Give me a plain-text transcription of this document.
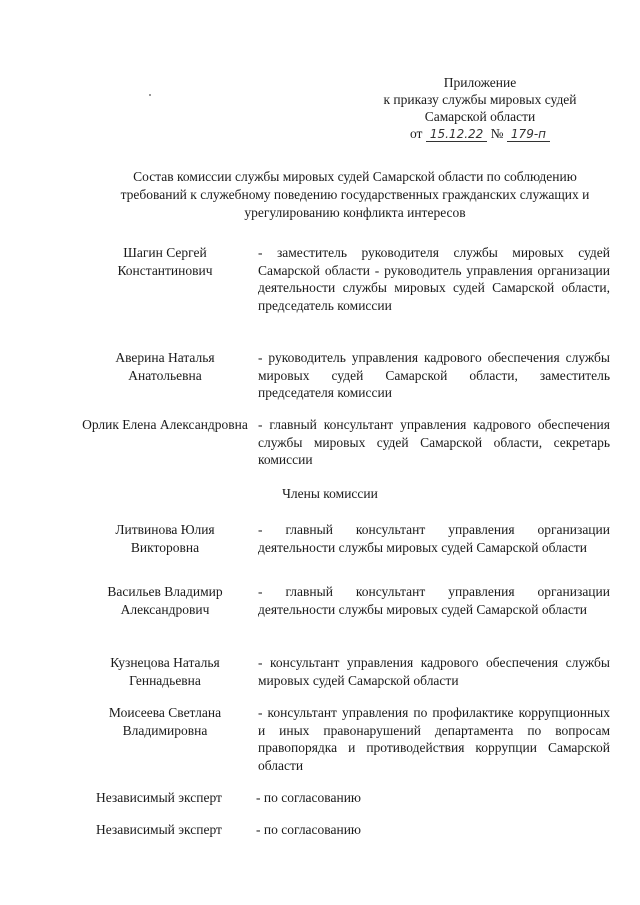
Приложение
к приказу службы мировых судей
Самарской области
от 15.12.22 № 179-п
Состав комиссии службы мировых судей Самарской области по соблюдению требований к служебному поведению государственных гражданских служащих и урегулированию конфликта интересов
Шагин Сергей Константинович
- заместитель руководителя службы мировых судей Самарской области - руководитель управления организации деятельности службы мировых судей Самарской области, председатель комиссии
Аверина Наталья Анатольевна
- руководитель управления кадрового обеспечения службы мировых судей Самарской области, заместитель председателя комиссии
Орлик Елена Александровна - главный консультант управления кадрового обеспечения службы мировых судей Самарской области, секретарь комиссии
Члены комиссии
Литвинова Юлия Викторовна
- главный консультант управления организации деятельности службы мировых судей Самарской области
Васильев Владимир Александрович
- главный консультант управления организации деятельности службы мировых судей Самарской области
Кузнецова Наталья Геннадьевна
- консультант управления кадрового обеспечения службы мировых судей Самарской области
Моисеева Светлана Владимировна
- консультант управления по профилактике коррупционных и иных правонарушений департамента по вопросам правопорядка и противодействия коррупции Самарской области
Независимый эксперт	- по согласованию
Независимый эксперт	- по согласованию
